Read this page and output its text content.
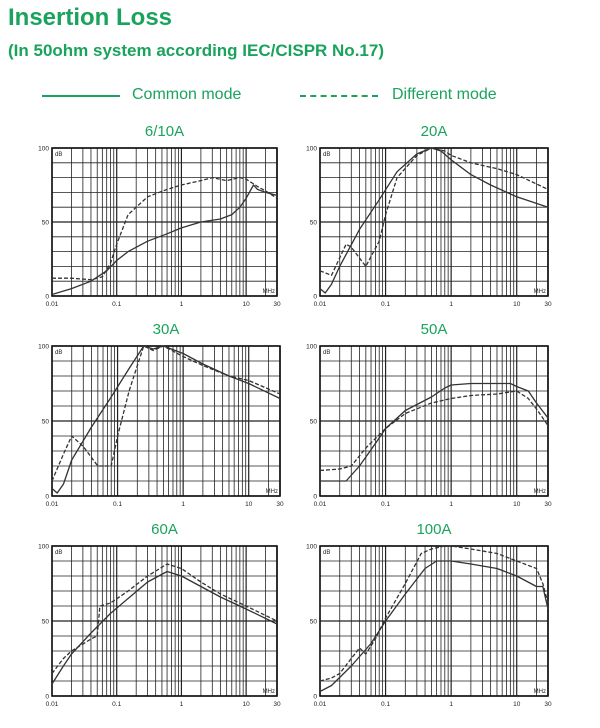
Insertion Loss
(In 50ohm system according IEC/CISPR No.17)
Common mode	Different mode
6/10A
0.01	0.1	1	10	30
0
50
100
dB
MHz
20A
0.01	0.1	1	10	30
0
50
100
dB
MHz
30A
0.01	0.1	1	10	30
0
50
100
dB
MHz
50A
0.01	0.1	1	10	30
0
50
100
dB
MHz
60A
0.01	0.1	1	10	30
0
50
100
dB
MHz
100A
0.01	0.1	1	10	30
0
50
100
dB
MHz
